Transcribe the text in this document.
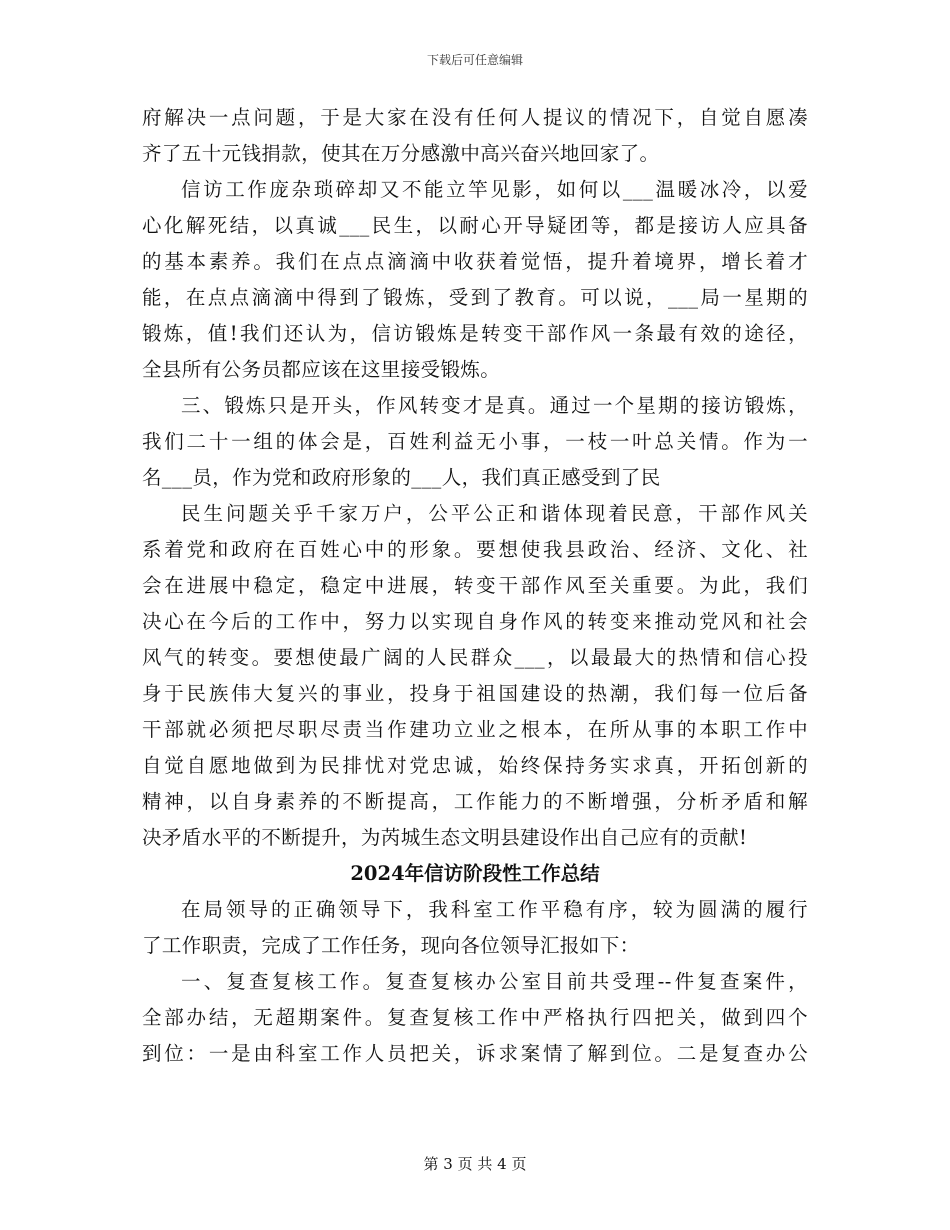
下载后可任意编辑
府解决一点问题，于是大家在没有任何人提议的情况下，自觉自愿凑
齐了五十元钱捐款，使其在万分感激中高兴奋兴地回家了。
信访工作庞杂琐碎却又不能立竿见影，如何以___温暖冰冷，以爱
心化解死结，以真诚___民生，以耐心开导疑团等，都是接访人应具备
的基本素养。我们在点点滴滴中收获着觉悟，提升着境界，增长着才
能，在点点滴滴中得到了锻炼，受到了教育。可以说，___局一星期的
锻炼，值!我们还认为，信访锻炼是转变干部作风一条最有效的途径，
全县所有公务员都应该在这里接受锻炼。
三、锻炼只是开头，作风转变才是真。通过一个星期的接访锻炼，
我们二十一组的体会是，百姓利益无小事，一枝一叶总关情。作为一
名___员，作为党和政府形象的___人，我们真正感受到了民
民生问题关乎千家万户，公平公正和谐体现着民意，干部作风关
系着党和政府在百姓心中的形象。要想使我县政治、经济、文化、社
会在进展中稳定，稳定中进展，转变干部作风至关重要。为此，我们
决心在今后的工作中，努力以实现自身作风的转变来推动党风和社会
风气的转变。要想使最广阔的人民群众___，以最最大的热情和信心投
身于民族伟大复兴的事业，投身于祖国建设的热潮，我们每一位后备
干部就必须把尽职尽责当作建功立业之根本，在所从事的本职工作中
自觉自愿地做到为民排忧对党忠诚，始终保持务实求真，开拓创新的
精神，以自身素养的不断提高，工作能力的不断增强，分析矛盾和解
决矛盾水平的不断提升，为芮城生态文明县建设作出自己应有的贡献!
2024年信访阶段性工作总结
在局领导的正确领导下，我科室工作平稳有序，较为圆满的履行
了工作职责，完成了工作任务，现向各位领导汇报如下：
一、复查复核工作。复查复核办公室目前共受理--件复查案件，
全部办结，无超期案件。复查复核工作中严格执行四把关，做到四个
到位：一是由科室工作人员把关，诉求案情了解到位。二是复查办公
第 3 页 共 4 页
